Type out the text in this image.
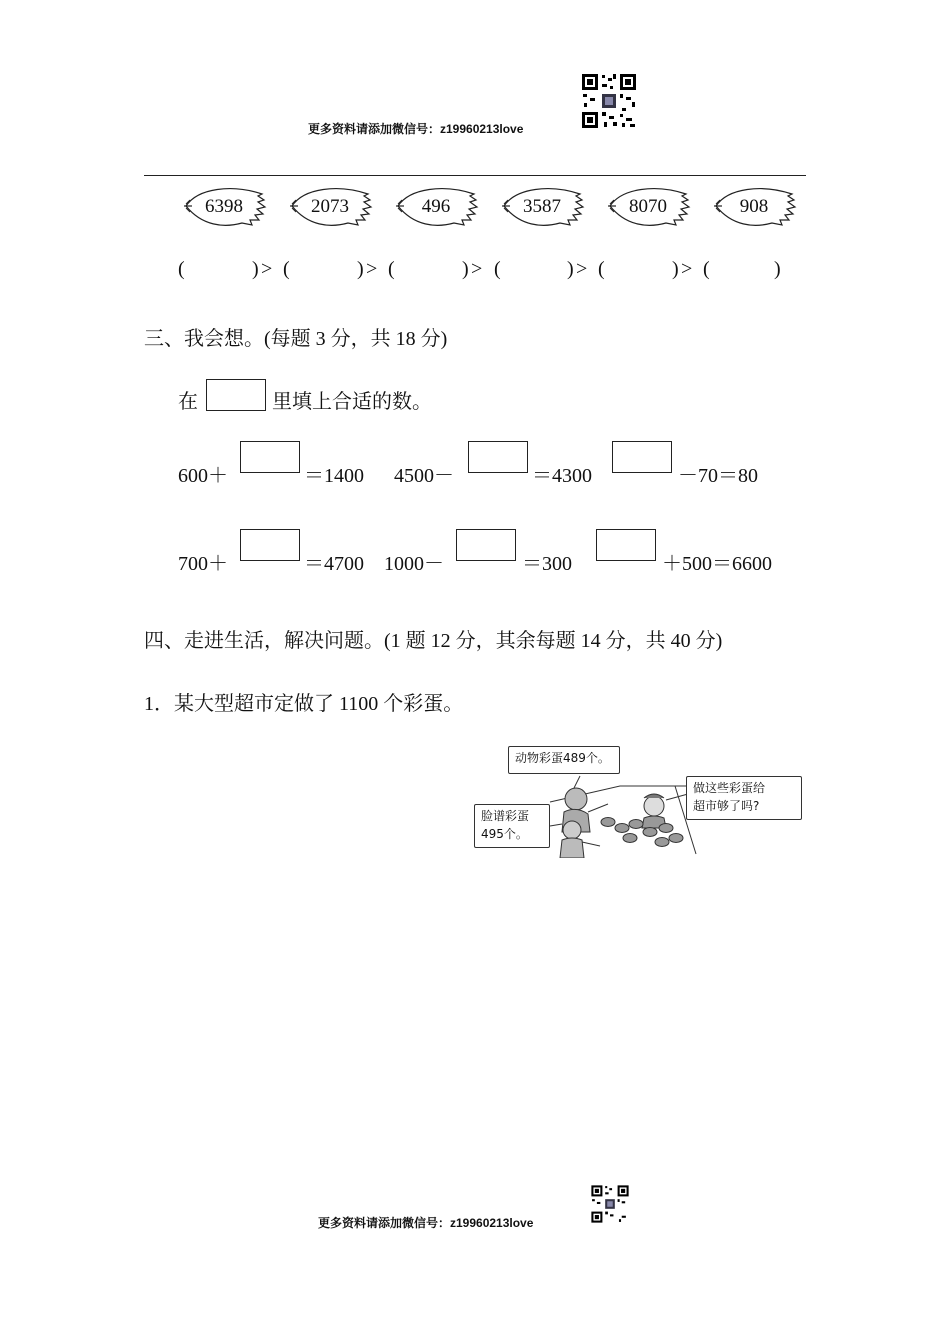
更多资料请添加微信号：z19960213love
6398	2073	496	3587	8070	908
(	) > (	) > (	) > (	) > (	) > (	)
三、我会想。(每题 3 分，共 18 分)
在	里填上合适的数。
600＋	＝1400 4500－	＝4300	－70＝80
700＋	＝4700 1000－	＝300	＋500＝6600
四、走进生活，解决问题。(1 题 12 分，其余每题 14 分，共 40 分)
1．某大型超市定做了 1100 个彩蛋。
动物彩蛋489个。
做这些彩蛋给
超市够了吗?
脸谱彩蛋
495个。
更多资料请添加微信号：z19960213love
